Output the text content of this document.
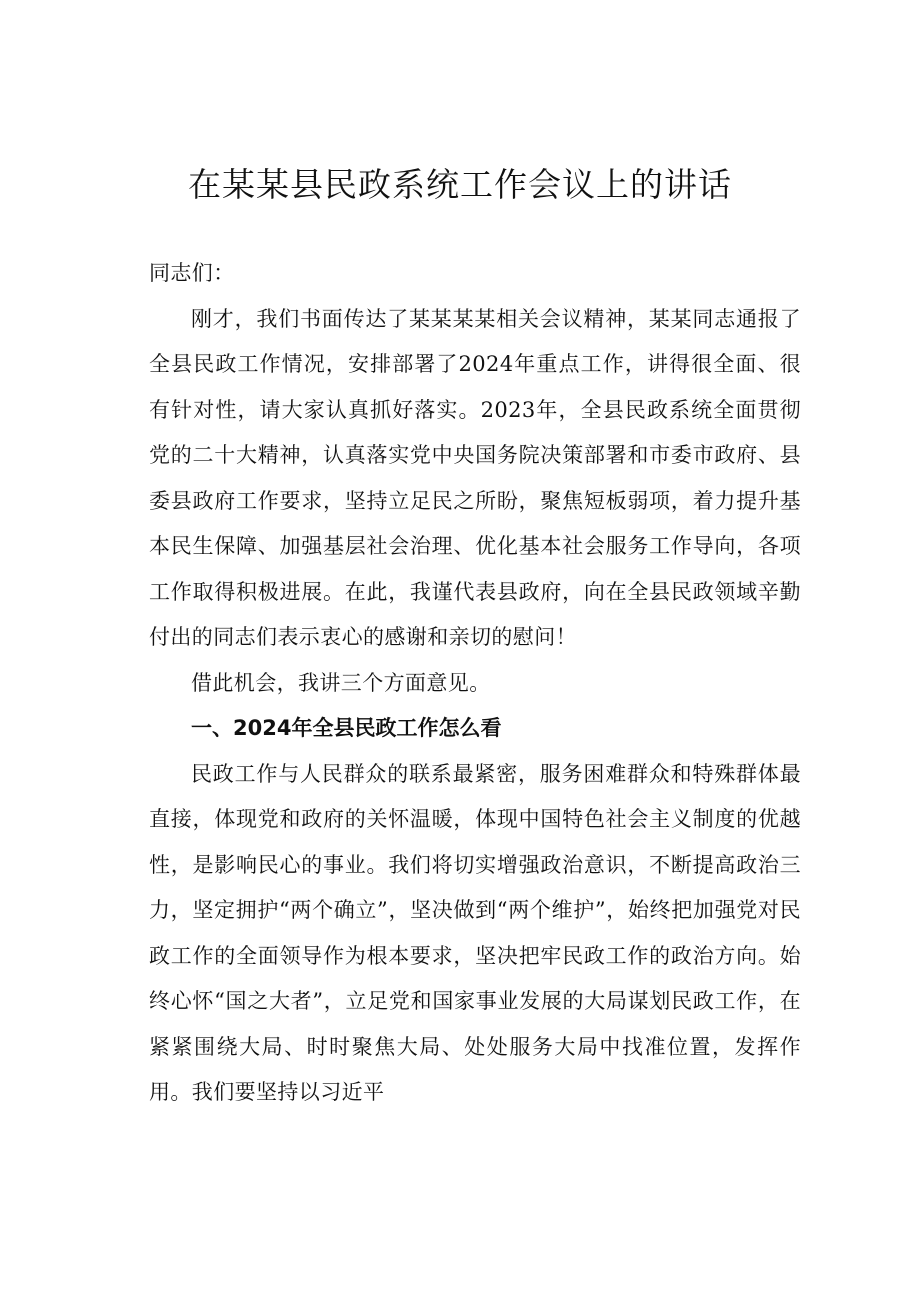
在某某县民政系统工作会议上的讲话

同志们：

刚才，我们书面传达了某某某某相关会议精神，某某同志通报了全县民政工作情况，安排部署了2024年重点工作，讲得很全面、很有针对性，请大家认真抓好落实。2023年，全县民政系统全面贯彻党的二十大精神，认真落实党中央国务院决策部署和市委市政府、县委县政府工作要求，坚持立足民之所盼，聚焦短板弱项，着力提升基本民生保障、加强基层社会治理、优化基本社会服务工作导向，各项工作取得积极进展。在此，我谨代表县政府，向在全县民政领域辛勤付出的同志们表示衷心的感谢和亲切的慰问！

借此机会，我讲三个方面意见。

一、2024年全县民政工作怎么看

民政工作与人民群众的联系最紧密，服务困难群众和特殊群体最直接，体现党和政府的关怀温暖，体现中国特色社会主义制度的优越性，是影响民心的事业。我们将切实增强政治意识，不断提高政治三力，坚定拥护“两个确立”，坚决做到“两个维护”，始终把加强党对民政工作的全面领导作为根本要求，坚决把牢民政工作的政治方向。始终心怀“国之大者”，立足党和国家事业发展的大局谋划民政工作，在紧紧围绕大局、时时聚焦大局、处处服务大局中找准位置，发挥作用。我们要坚持以习近平
